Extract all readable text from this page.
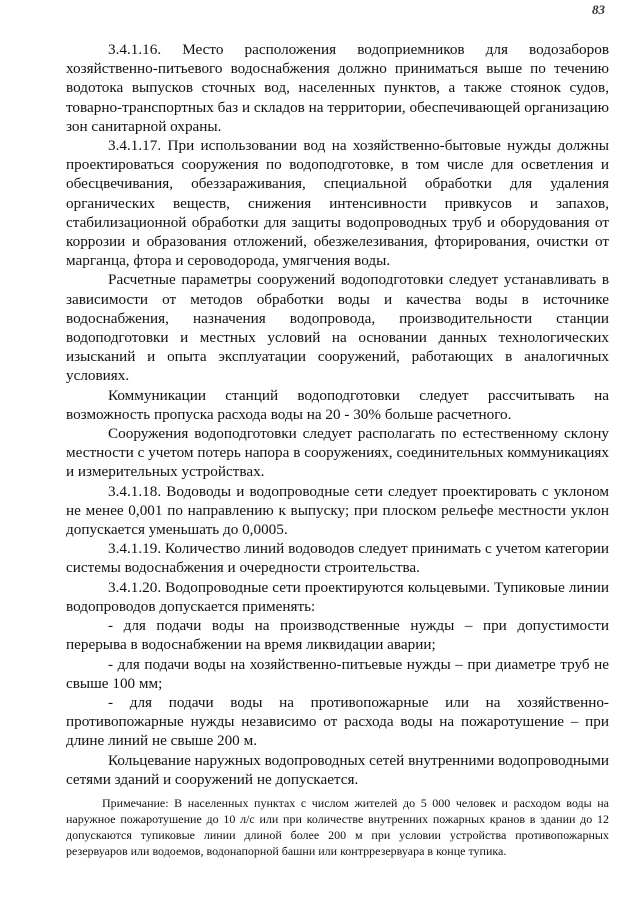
83

3.4.1.16. Место расположения водоприемников для водозаборов хозяйственно-питьевого водоснабжения должно приниматься выше по течению водотока выпусков сточных вод, населенных пунктов, а также стоянок судов, товарно-транспортных баз и складов на территории, обеспечивающей организацию зон санитарной охраны.

3.4.1.17. При использовании вод на хозяйственно-бытовые нужды должны проектироваться сооружения по водоподготовке, в том числе для осветления и обесцвечивания, обеззараживания, специальной обработки для удаления органических веществ, снижения интенсивности привкусов и запахов, стабилизационной обработки для защиты водопроводных труб и оборудования от коррозии и образования отложений, обезжелезивания, фторирования, очистки от марганца, фтора и сероводорода, умягчения воды.

Расчетные параметры сооружений водоподготовки следует устанавливать в зависимости от методов обработки воды и качества воды в источнике водоснабжения, назначения водопровода, производительности станции водоподготовки и местных условий на основании данных технологических изысканий и опыта эксплуатации сооружений, работающих в аналогичных условиях.

Коммуникации станций водоподготовки следует рассчитывать на возможность пропуска расхода воды на 20 - 30% больше расчетного.

Сооружения водоподготовки следует располагать по естественному склону местности с учетом потерь напора в сооружениях, соединительных коммуникациях и измерительных устройствах.

3.4.1.18. Водоводы и водопроводные сети следует проектировать с уклоном не менее 0,001 по направлению к выпуску; при плоском рельефе местности уклон допускается уменьшать до 0,0005.

3.4.1.19. Количество линий водоводов следует принимать с учетом категории системы водоснабжения и очередности строительства.

3.4.1.20. Водопроводные сети проектируются кольцевыми. Тупиковые линии водопроводов допускается применять:

- для подачи воды на производственные нужды – при допустимости перерыва в водоснабжении на время ликвидации аварии;

- для подачи воды на хозяйственно-питьевые нужды – при диаметре труб не свыше 100 мм;

- для подачи воды на противопожарные или на хозяйственно-противопожарные нужды независимо от расхода воды на пожаротушение – при длине линий не свыше 200 м.

Кольцевание наружных водопроводных сетей внутренними водопроводными сетями зданий и сооружений не допускается.

Примечание: В населенных пунктах с числом жителей до 5 000 человек и расходом воды на наружное пожаротушение до 10 л/с или при количестве внутренних пожарных кранов в здании до 12 допускаются тупиковые линии длиной более 200 м при условии устройства противопожарных резервуаров или водоемов, водонапорной башни или контррезервуара в конце тупика.
